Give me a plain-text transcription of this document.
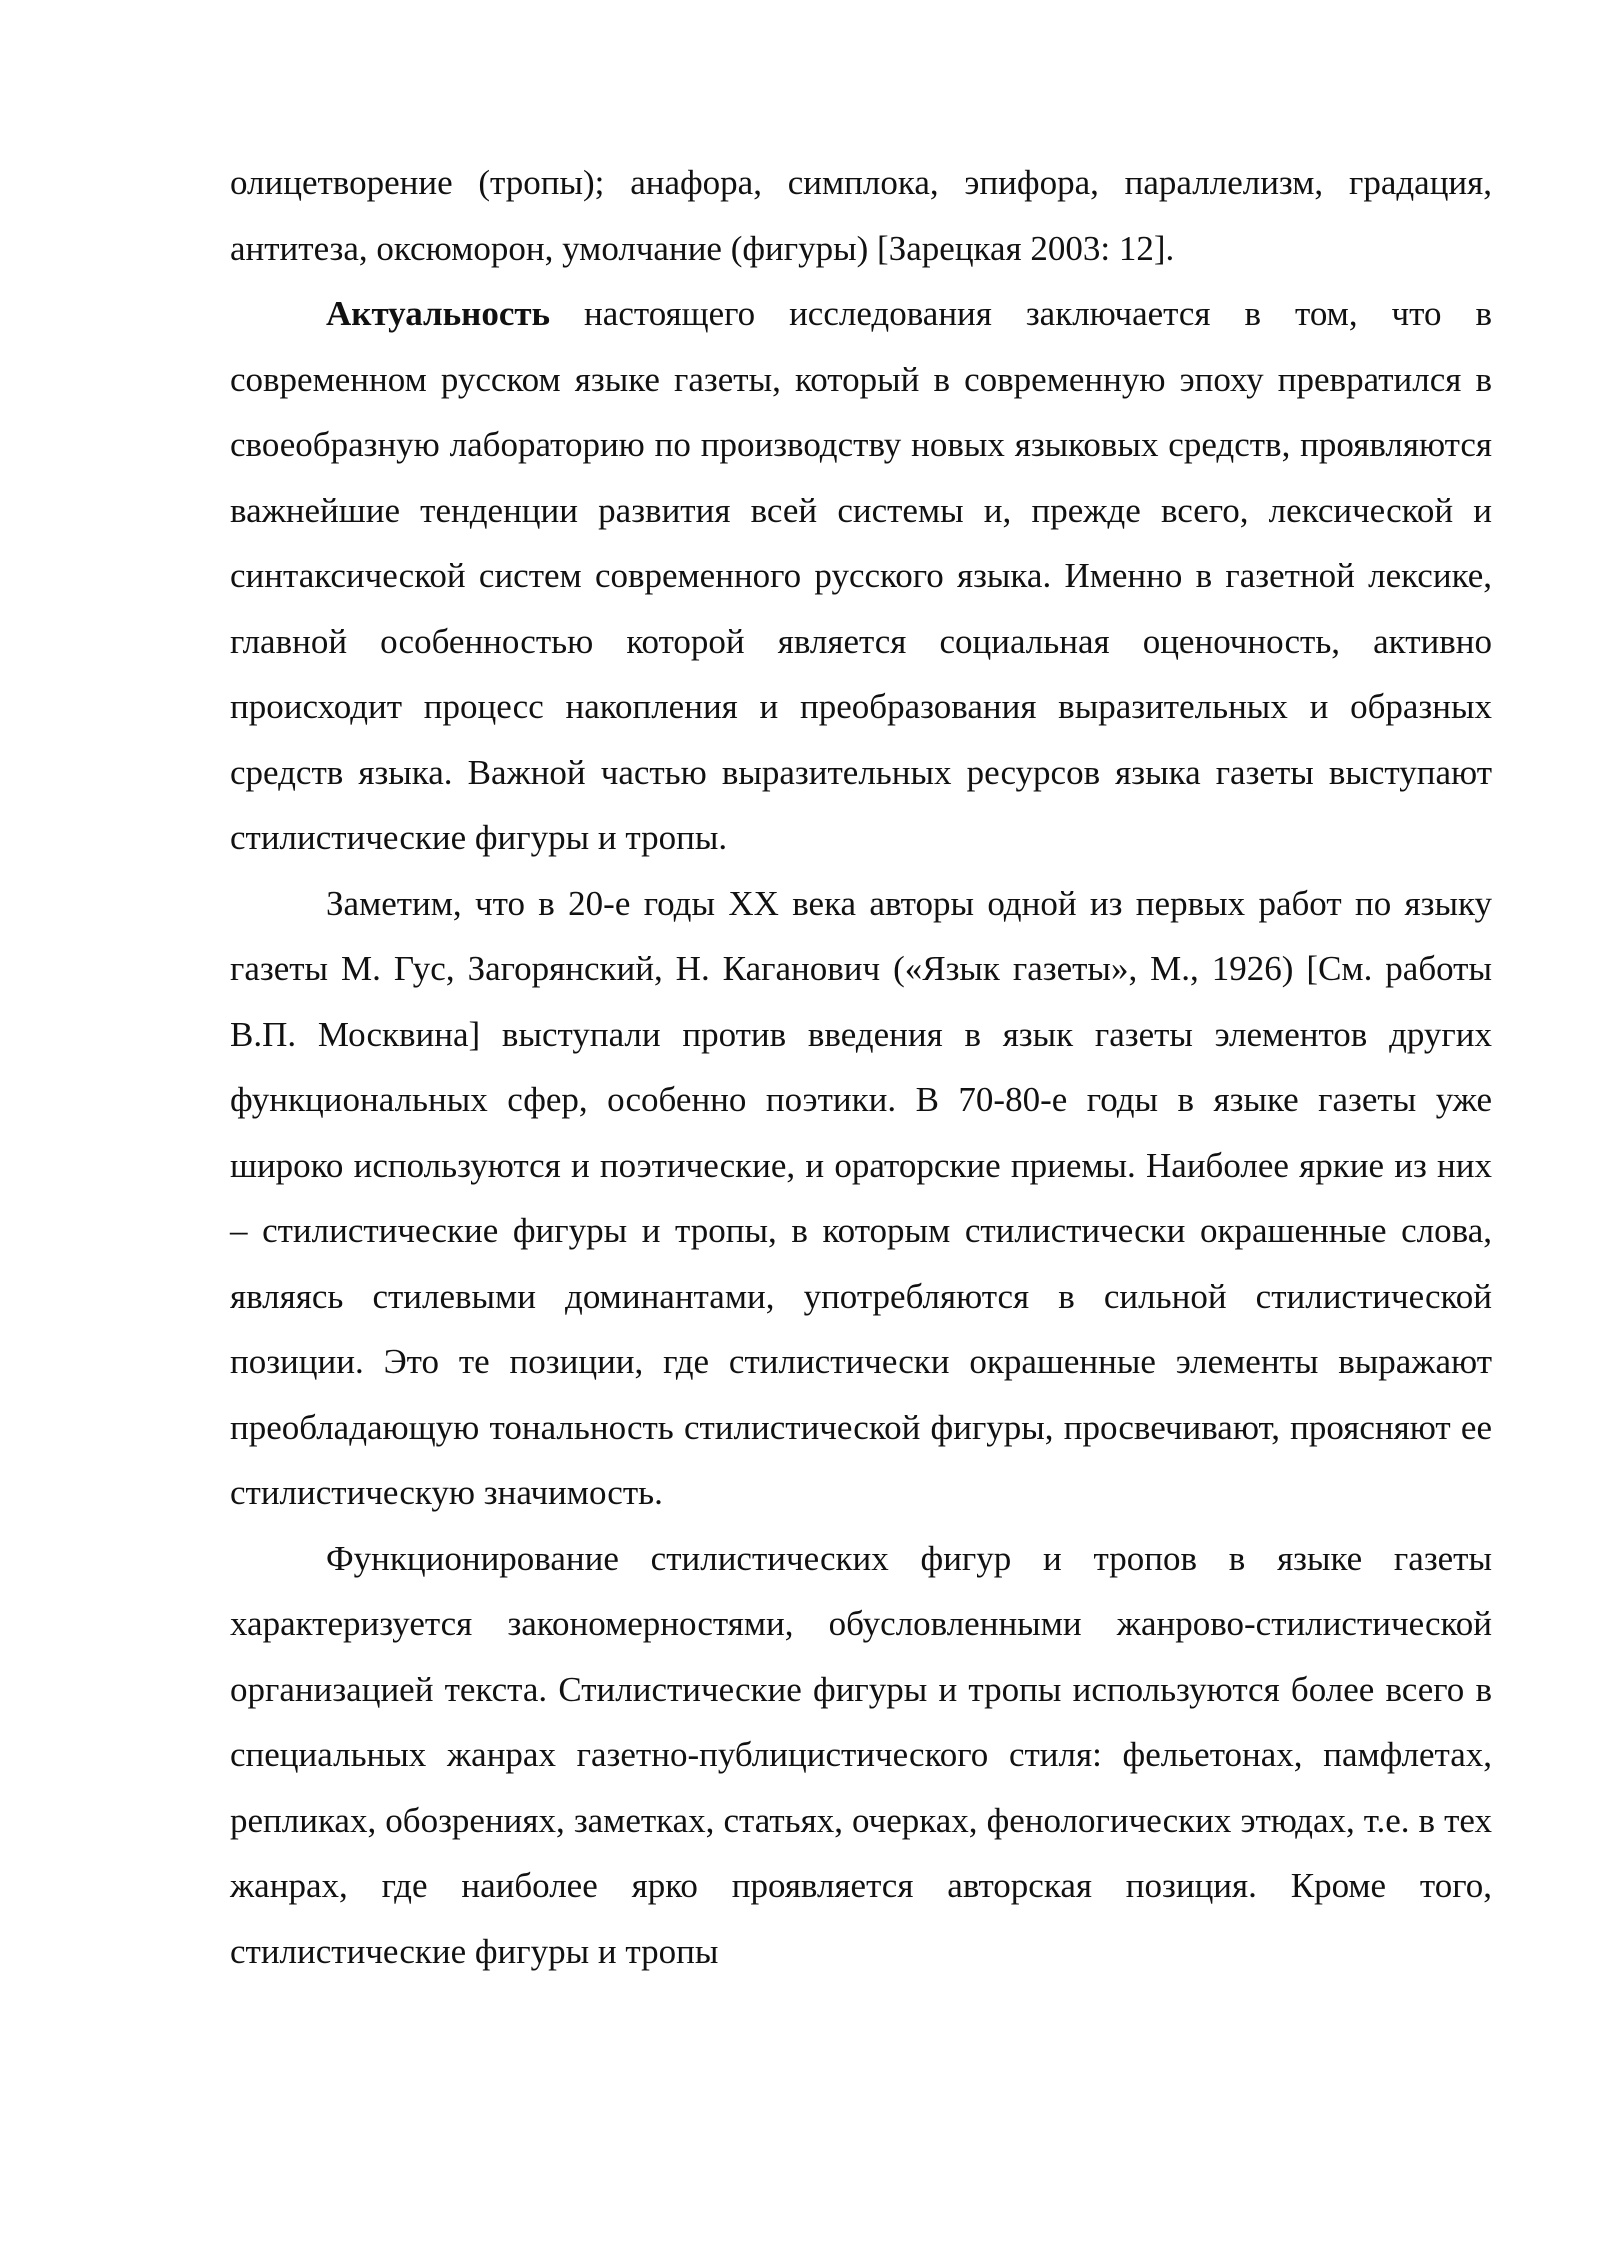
олицетворение (тропы); анафора, симплока, эпифора, параллелизм, градация, антитеза, оксюморон, умолчание (фигуры) [Зарецкая 2003: 12].

Актуальность настоящего исследования заключается в том, что в современном русском языке газеты, который в современную эпоху превратился в своеобразную лабораторию по производству новых языковых средств, проявляются важнейшие тенденции развития всей системы и, прежде всего, лексической и синтаксической систем современного русского языка. Именно в газетной лексике, главной особенностью которой является социальная оценочность, активно происходит процесс накопления и преобразования выразительных и образных средств языка. Важной частью выразительных ресурсов языка газеты выступают стилистические фигуры и тропы.

Заметим, что в 20-е годы XX века авторы одной из первых работ по языку газеты М. Гус, Загорянский, Н. Каганович («Язык газеты», М., 1926) [См. работы В.П. Москвина] выступали против введения в язык газеты элементов других функциональных сфер, особенно поэтики. В 70-80-е годы в языке газеты уже широко используются и поэтические, и ораторские приемы. Наиболее яркие из них – стилистические фигуры и тропы, в которым стилистически окрашенные слова, являясь стилевыми доминантами, употребляются в сильной стилистической позиции. Это те позиции, где стилистически окрашенные элементы выражают преобладающую тональность стилистической фигуры, просвечивают, проясняют ее стилистическую значимость.

Функционирование стилистических фигур и тропов в языке газеты характеризуется закономерностями, обусловленными жанрово-стилистической организацией текста. Стилистические фигуры и тропы используются более всего в специальных жанрах газетно-публицистического стиля: фельетонах, памфлетах, репликах, обозрениях, заметках, статьях, очерках, фенологических этюдах, т.е. в тех жанрах, где наиболее ярко проявляется авторская позиция. Кроме того, стилистические фигуры и тропы
